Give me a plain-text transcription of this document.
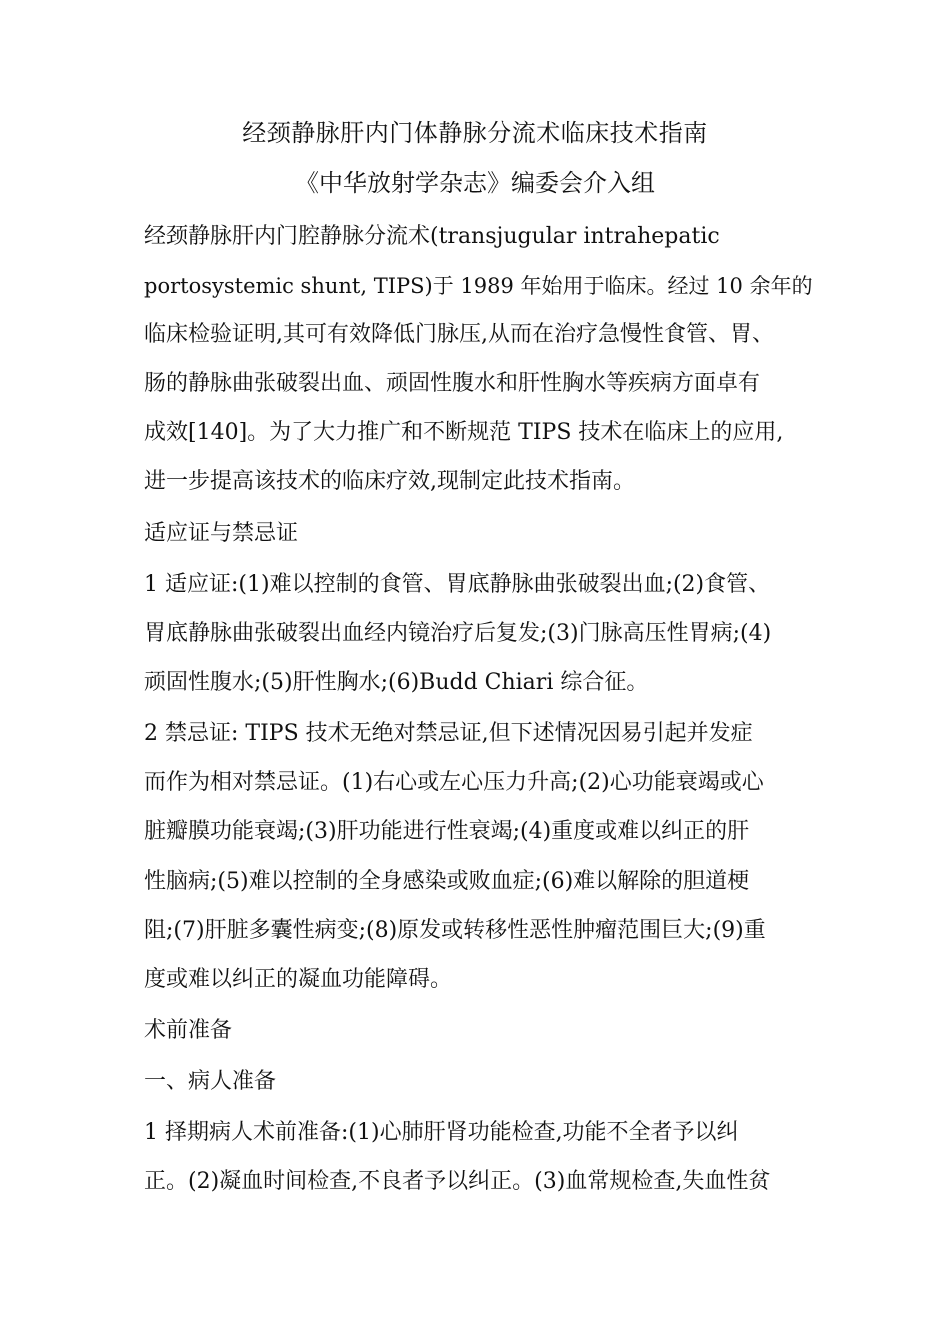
经颈静脉肝内门体静脉分流术临床技术指南
《中华放射学杂志》编委会介入组
经颈静脉肝内门腔静脉分流术(transjugular intrahepatic
portosystemic shunt, TIPS)于 1989 年始用于临床。经过 10 余年的
临床检验证明,其可有效降低门脉压,从而在治疗急慢性食管、胃、
肠的静脉曲张破裂出血、顽固性腹水和肝性胸水等疾病方面卓有
成效[140]。为了大力推广和不断规范 TIPS 技术在临床上的应用,
进一步提高该技术的临床疗效,现制定此技术指南。
适应证与禁忌证
1 适应证:(1)难以控制的食管、胃底静脉曲张破裂出血;(2)食管、
胃底静脉曲张破裂出血经内镜治疗后复发;(3)门脉高压性胃病;(4)
顽固性腹水;(5)肝性胸水;(6)Budd Chiari 综合征。
2 禁忌证: TIPS 技术无绝对禁忌证,但下述情况因易引起并发症
而作为相对禁忌证。(1)右心或左心压力升高;(2)心功能衰竭或心
脏瓣膜功能衰竭;(3)肝功能进行性衰竭;(4)重度或难以纠正的肝
性脑病;(5)难以控制的全身感染或败血症;(6)难以解除的胆道梗
阻;(7)肝脏多囊性病变;(8)原发或转移性恶性肿瘤范围巨大;(9)重
度或难以纠正的凝血功能障碍。
术前准备
一、病人准备
1 择期病人术前准备:(1)心肺肝肾功能检查,功能不全者予以纠
正。(2)凝血时间检查,不良者予以纠正。(3)血常规检查,失血性贫
